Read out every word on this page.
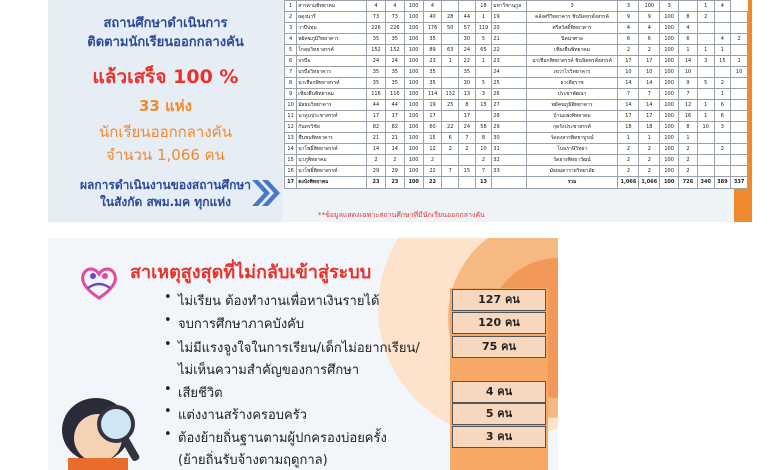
สถานศึกษาดำเนินการ
ติดตามนักเรียนออกกลางคัน
แล้วเสร็จ 100 %
33 แห่ง
นักเรียนออกกลางคัน
จำนวน 1,066 คน
ผลการดำเนินงานของสถานศึกษา
ในสังกัด สพม.มค ทุกแห่ง
1	สารคามพิทยาคม	4	4	100	4			18	มหาวิชานุกูล	3	3	100	3		1	4	
2	ผดุงนารี	73	73	100	40	28	44	1	19	คลังศรีวิทยาคาร ชินนิคหรสั่งสรรค์	9	9	100	8	2		
3	วาปีปทุม	226	226	100	176	50	57	119	20	ศรีสวัสดิ์พิทยาคาร	4	4	100	4			
4	พยัคฆภูมิวิทยาคาร	35	35	100	35		30	5	21	นิคมฯศาล	6	6	100	6		4	2
5	โกสุมวิทยาสรรค์	152	152	100	89	63	24	65	22	เชียงยืนพิทยาคม	2	2	100	1	1	1	
6	บรบือ	24	24	100	23	1	22	1	23	นาเชือกพิทยาสรรค์ ชินนิคหรสั่งสรรค์	17	17	100	14	3	15	1
7	บรบือวิทยาคาร	35	35	100	35		35		24	เขวาไรวิทยาคาร	10	10	100	10			10
8	นาเชือกพิทยาสรรค์	35	35	100	35		30	5	25	ยางสีสุราช	14	14	100	9	5	2	
9	เชียงยืนพิทยาคม	116	116	100	114	132	13	3	26	ประชาพัฒนา	7	7	100	7		1	
10	มัธยมวิทยาคาร	44	44	100	19	25	8	15	27	พยัคฆภูมิพิทยาคาร	14	14	100	12	1	6	
11	นาดูนประชาสรรค์	17	17	100	17		17		28	บ้านแพงพิทยาคม	17	17	100	16	1	6	
12	กันทรวิชัย	82	82	100	60	22	24	58	29	กุดรังประชาสรรค์	18	18	100	8	10	3	
13	ชื่นชมพิทยาคาร	21	21	100	15	6	7	8	30	วัดดงสวรพิทยาบูรณ์	1	1	100	1			
14	นาโพธิ์พิทยาสรรค์	14	14	100	12	2	2	10	31	โนนราษีวิทยา	2	2	100	2		2	
15	นาภูพิทยาคม	2	2	100	2			2	32	วัดยางพิทยาวัฒน์	2	2	100	2			
16	นาโพธิ์พิทยาสรรค์	29	29	100	22	7	15	7	33	มัธยมดารายวิทยาลัย	2	2	100	2			
17	ดงบังพิทยาคม	23	23	100	22			13		รวม	1,066	1,066	100	726	340	389	337
**ข้อมูลแสดงเฉพาะสถานศึกษาที่มีนักเรียนออกกลางคัน
สาเหตุสูงสุดที่ไม่กลับเข้าสู่ระบบ
• ไม่เรียน ต้องทำงานเพื่อหาเงินรายได้	127 คน
• จบการศึกษาภาคบังคับ	120 คน
• ไม่มีแรงจูงใจในการเรียน/เด็กไม่อยากเรียน/	75 คน
ไม่เห็นความสำคัญของการศึกษา
• เสียชีวิต	4 คน
• แต่งงานสร้างครอบครัว	5 คน
• ต้องย้ายถิ่นฐานตามผู้ปกครองบ่อยครั้ง	3 คน
(ย้ายถิ่นรับจ้างตามฤดูกาล)
